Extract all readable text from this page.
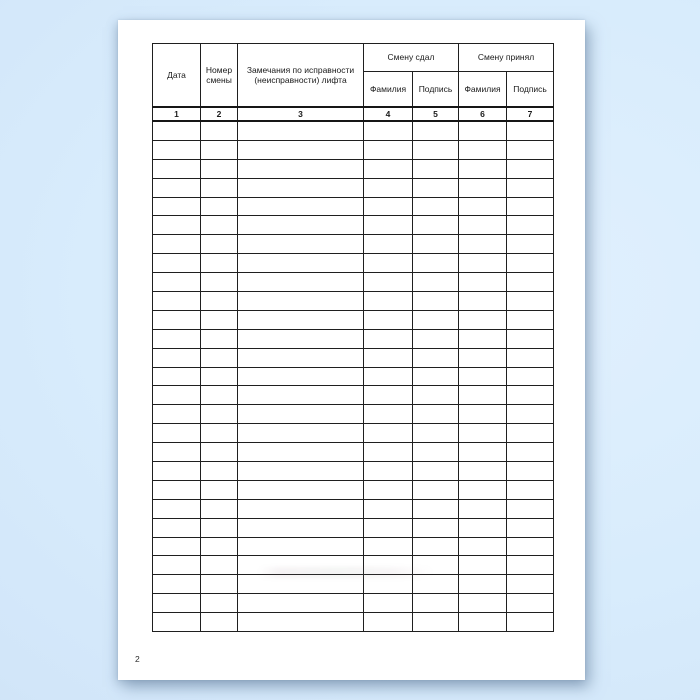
Дата	Номер смены	Замечания по исправности (неисправности) лифта	Смену сдал		Смену принял	
			Фамилия	Подпись	Фамилия	Подпись
1	2	3	4	5	6	7

2
